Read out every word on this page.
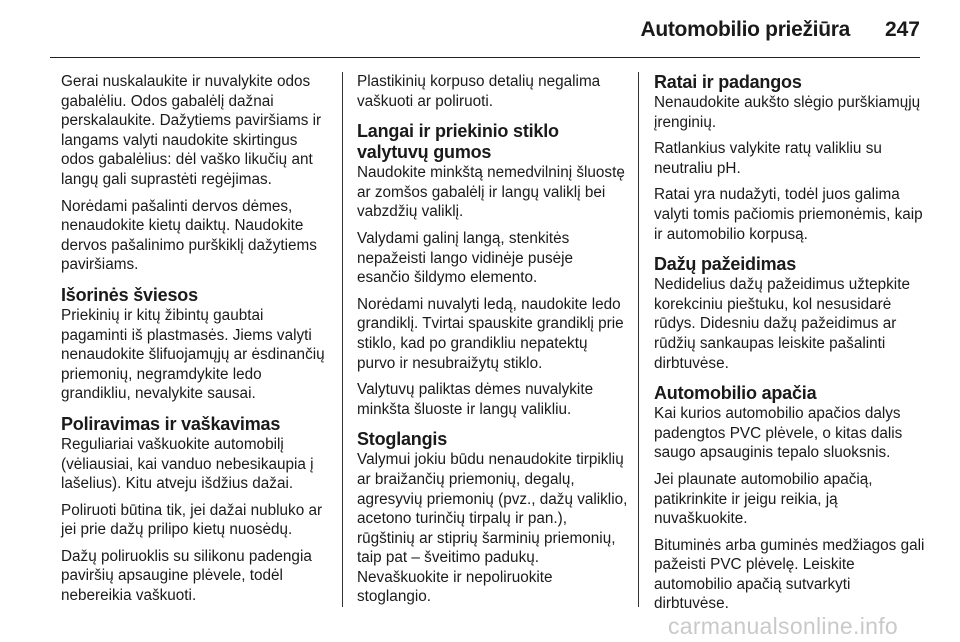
Automobilio priežiūra 247

Gerai nuskalaukite ir nuvalykite odos gabalėliu. Odos gabalėlį dažnai perskalaukite. Dažytiems paviršiams ir langams valyti naudokite skirtingus odos gabalėlius: dėl vaško likučių ant langų gali suprastėti regėjimas.

Norėdami pašalinti dervos dėmes, nenaudokite kietų daiktų. Naudokite dervos pašalinimo purškiklį dažytiems paviršiams.

Išorinės šviesos

Priekinių ir kitų žibintų gaubtai pagaminti iš plastmasės. Jiems valyti nenaudokite šlifuojamųjų ar ėsdinančių priemonių, negramdykite ledo grandikliu, nevalykite sausai.

Poliravimas ir vaškavimas

Reguliariai vaškuokite automobilį (vėliausiai, kai vanduo nebesikaupia į lašelius). Kitu atveju išdžius dažai.

Poliruoti būtina tik, jei dažai nubluko ar jei prie dažų prilipo kietų nuosėdų.

Dažų poliruoklis su silikonu padengia paviršių apsaugine plėvele, todėl nebereikia vaškuoti.

Plastikinių korpuso detalių negalima vaškuoti ar poliruoti.

Langai ir priekinio stiklo valytuvų gumos

Naudokite minkštą nemedvilninį šluostę ar zomšos gabalėlį ir langų valiklį bei vabzdžių valiklį.

Valydami galinį langą, stenkitės nepažeisti lango vidinėje pusėje esančio šildymo elemento.

Norėdami nuvalyti ledą, naudokite ledo grandiklį. Tvirtai spauskite grandiklį prie stiklo, kad po grandikliu nepatektų purvo ir nesubraižytų stiklo.

Valytuvų paliktas dėmes nuvalykite minkšta šluoste ir langų valikliu.

Stoglangis

Valymui jokiu būdu nenaudokite tirpiklių ar braižančių priemonių, degalų, agresyvių priemonių (pvz., dažų valiklio, acetono turinčių tirpalų ir pan.), rūgštinių ar stiprių šarminių priemonių, taip pat – šveitimo padukų. Nevaškuokite ir nepoliruokite stoglangio.

Ratai ir padangos

Nenaudokite aukšto slėgio purškiamųjų įrenginių.

Ratlankius valykite ratų valikliu su neutraliu pH.

Ratai yra nudažyti, todėl juos galima valyti tomis pačiomis priemonėmis, kaip ir automobilio korpusą.

Dažų pažeidimas

Nedidelius dažų pažeidimus užtepkite korekciniu pieštuku, kol nesusidarė rūdys. Didesniu dažų pažeidimus ar rūdžių sankaupas leiskite pašalinti dirbtuvėse.

Automobilio apačia

Kai kurios automobilio apačios dalys padengtos PVC plėvele, o kitas dalis saugo apsauginis tepalo sluoksnis.

Jei plaunate automobilio apačią, patikrinkite ir jeigu reikia, ją nuvaškuokite.

Bituminės arba guminės medžiagos gali pažeisti PVC plėvelę. Leiskite automobilio apačią sutvarkyti dirbtuvėse.

carmanualsonline.info
